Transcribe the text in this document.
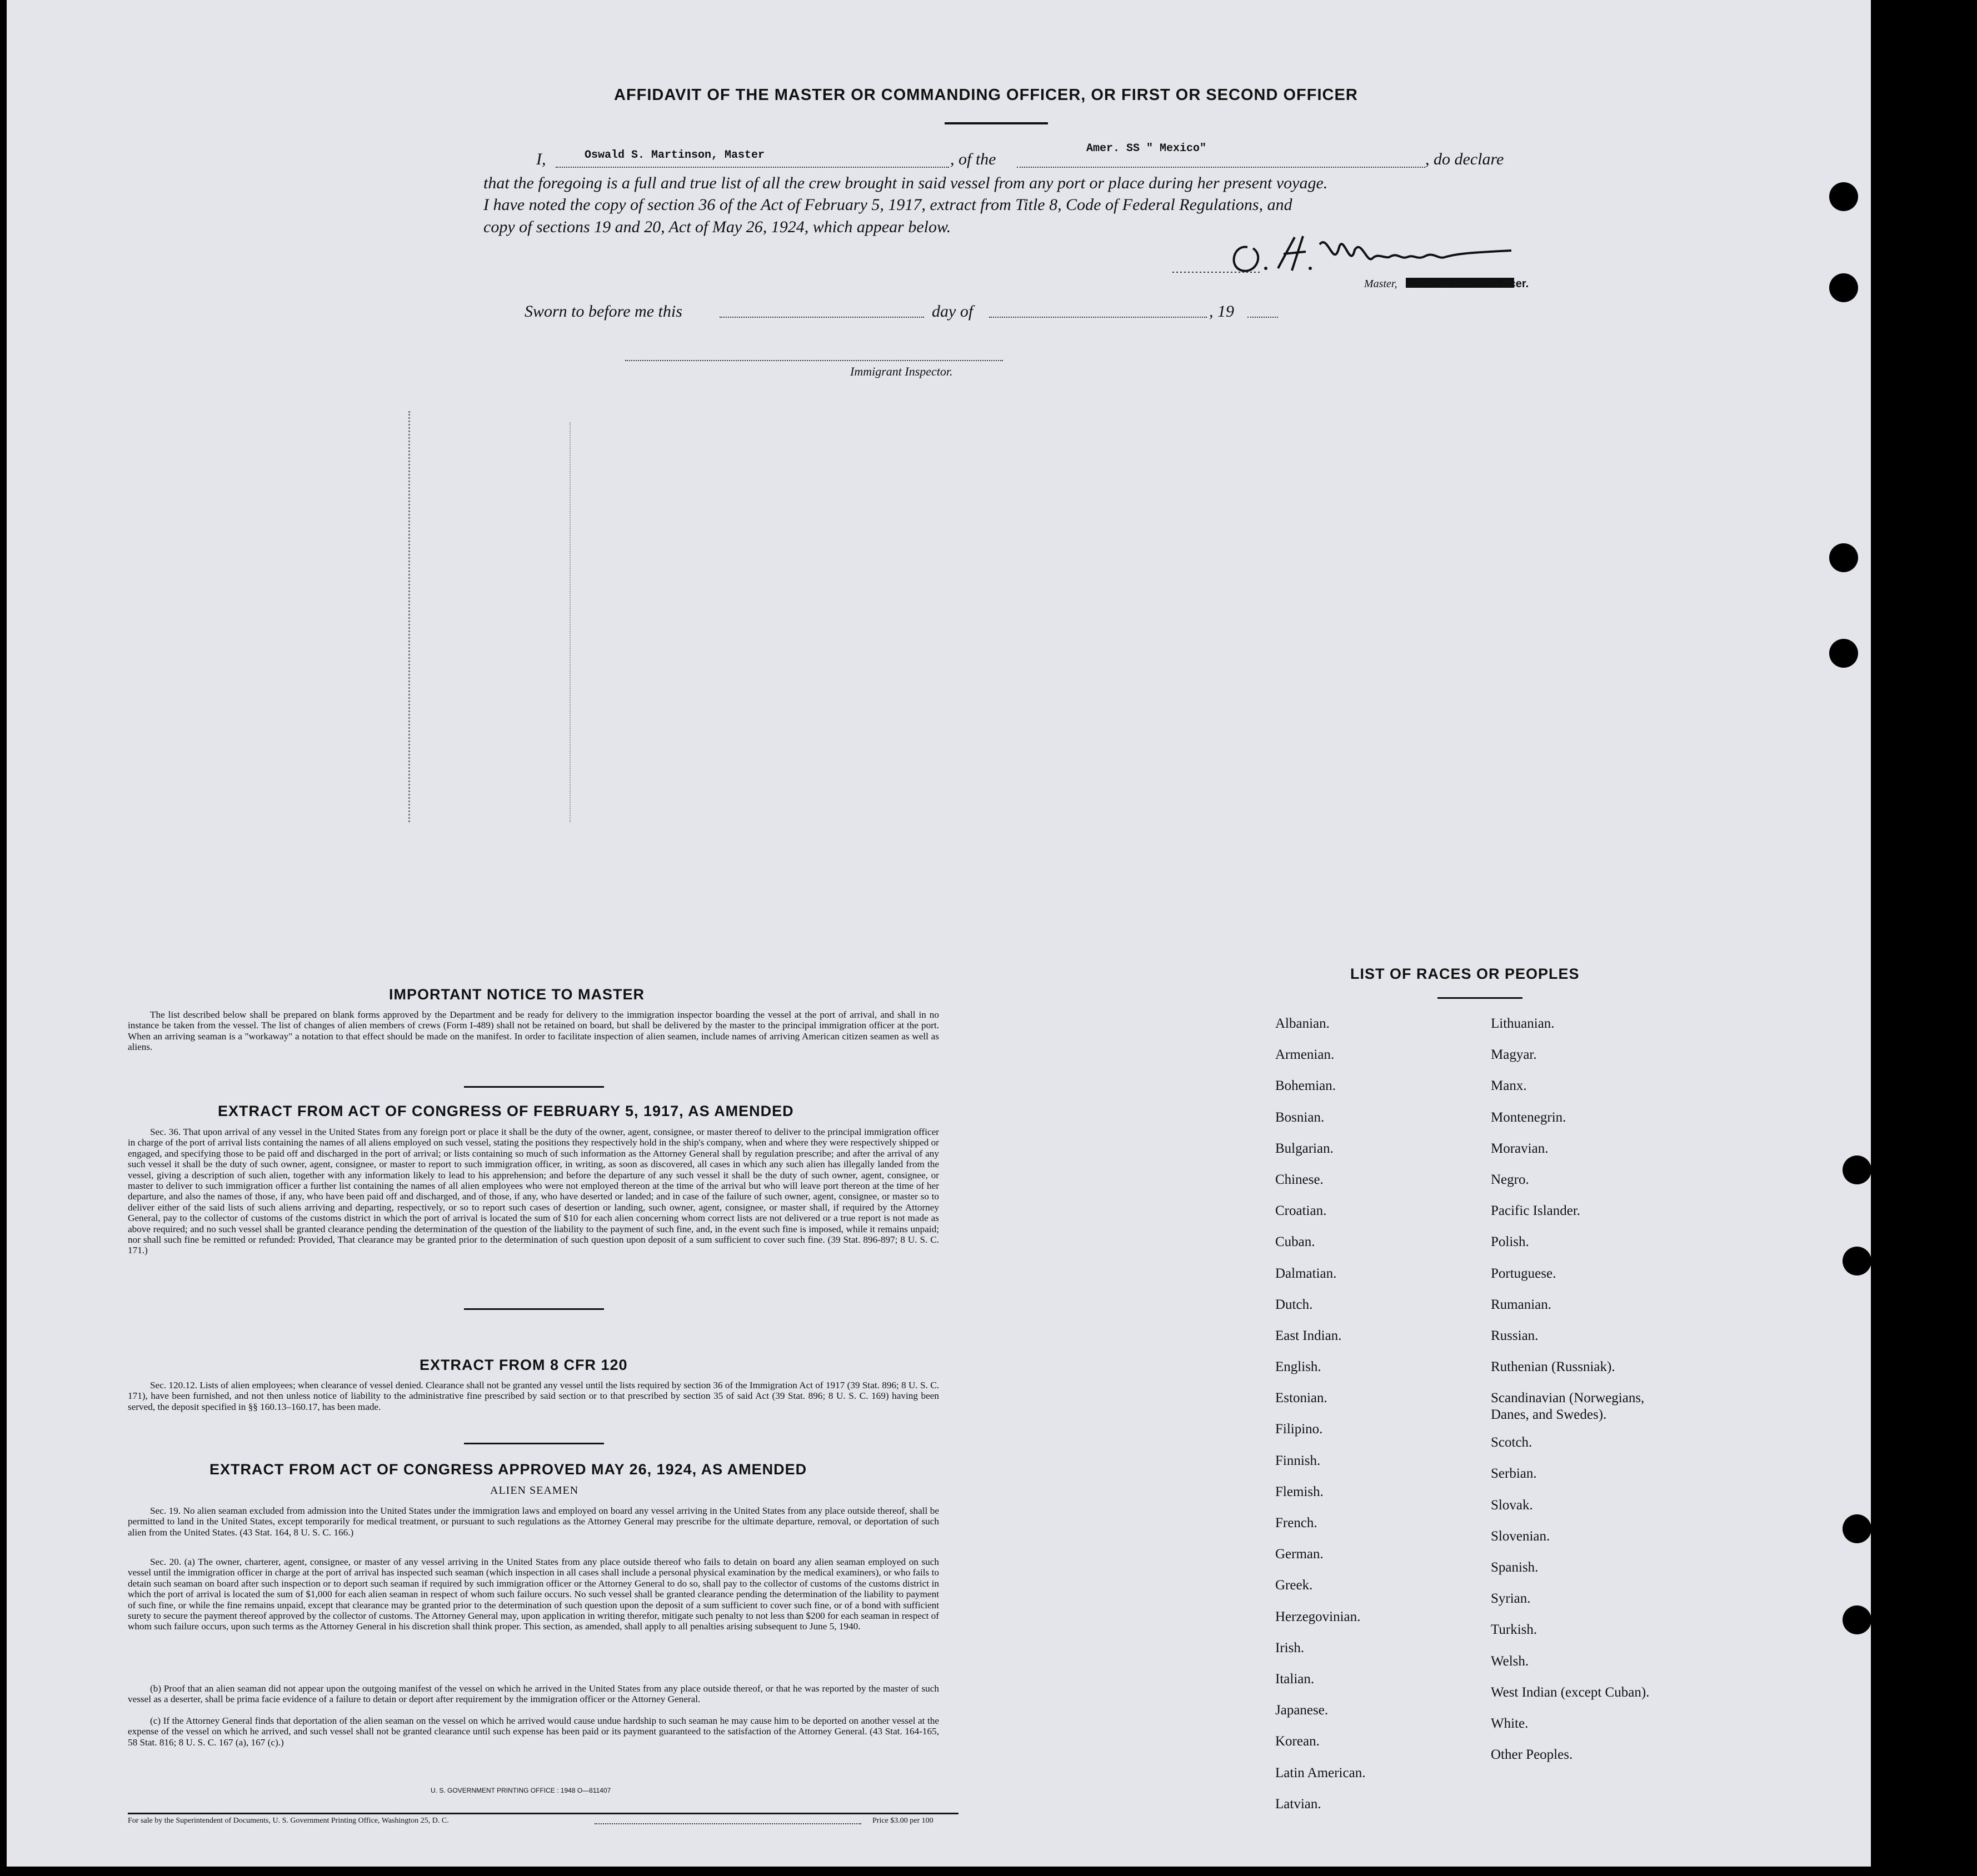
AFFIDAVIT OF THE MASTER OR COMMANDING OFFICER, OR FIRST OR SECOND OFFICER
I,	Oswald S. Martinson, Master	, of the
Amer. SS " Mexico"
, do declare
that the foregoing is a full and true list of all the crew brought in said vessel from any port or place during her present voyage.
I have noted the copy of section 36 of the Act of February 5, 1917, extract from Title 8, Code of Federal Regulations, and
copy of sections 19 and 20, Act of May 26, 1924, which appear below.
Master, First or Second Officer.
Sworn to before me this	day of	, 19
Immigrant Inspector.
IMPORTANT NOTICE TO MASTER
The list described below shall be prepared on blank forms approved by the Department and be ready for delivery to the immigration inspector boarding the vessel at the port of arrival, and shall in no instance be taken from the vessel. The list of changes of alien members of crews (Form I-489) shall not be retained on board, but shall be delivered by the master to the principal immigration officer at the port. When an arriving seaman is a "workaway" a notation to that effect should be made on the manifest. In order to facilitate inspection of alien seamen, include names of arriving American citizen seamen as well as aliens.
EXTRACT FROM ACT OF CONGRESS OF FEBRUARY 5, 1917, AS AMENDED
Sec. 36. That upon arrival of any vessel in the United States from any foreign port or place it shall be the duty of the owner, agent, consignee, or master thereof to deliver to the principal immigration officer in charge of the port of arrival lists containing the names of all aliens employed on such vessel, stating the positions they respectively hold in the ship's company, when and where they were respectively shipped or engaged, and specifying those to be paid off and discharged in the port of arrival; or lists containing so much of such information as the Attorney General shall by regulation prescribe; and after the arrival of any such vessel it shall be the duty of such owner, agent, consignee, or master to report to such immigration officer, in writing, as soon as discovered, all cases in which any such alien has illegally landed from the vessel, giving a description of such alien, together with any information likely to lead to his apprehension; and before the departure of any such vessel it shall be the duty of such owner, agent, consignee, or master to deliver to such immigration officer a further list containing the names of all alien employees who were not employed thereon at the time of the arrival but who will leave port thereon at the time of her departure, and also the names of those, if any, who have been paid off and discharged, and of those, if any, who have deserted or landed; and in case of the failure of such owner, agent, consignee, or master so to deliver either of the said lists of such aliens arriving and departing, respectively, or so to report such cases of desertion or landing, such owner, agent, consignee, or master shall, if required by the Attorney General, pay to the collector of customs of the customs district in which the port of arrival is located the sum of $10 for each alien concerning whom correct lists are not delivered or a true report is not made as above required; and no such vessel shall be granted clearance pending the determination of the question of the liability to the payment of such fine, and, in the event such fine is imposed, while it remains unpaid; nor shall such fine be remitted or refunded: Provided, That clearance may be granted prior to the determination of such question upon deposit of a sum sufficient to cover such fine. (39 Stat. 896-897; 8 U. S. C. 171.)
EXTRACT FROM 8 CFR 120
Sec. 120.12. Lists of alien employees; when clearance of vessel denied. Clearance shall not be granted any vessel until the lists required by section 36 of the Immigration Act of 1917 (39 Stat. 896; 8 U. S. C. 171), have been furnished, and not then unless notice of liability to the administrative fine prescribed by said section or to that prescribed by section 35 of said Act (39 Stat. 896; 8 U. S. C. 169) having been served, the deposit specified in §§ 160.13–160.17, has been made.
EXTRACT FROM ACT OF CONGRESS APPROVED MAY 26, 1924, AS AMENDED
ALIEN SEAMEN
Sec. 19. No alien seaman excluded from admission into the United States under the immigration laws and employed on board any vessel arriving in the United States from any place outside thereof, shall be permitted to land in the United States, except temporarily for medical treatment, or pursuant to such regulations as the Attorney General may prescribe for the ultimate departure, removal, or deportation of such alien from the United States. (43 Stat. 164, 8 U. S. C. 166.)
Sec. 20. (a) The owner, charterer, agent, consignee, or master of any vessel arriving in the United States from any place outside thereof who fails to detain on board any alien seaman employed on such vessel until the immigration officer in charge at the port of arrival has inspected such seaman (which inspection in all cases shall include a personal physical examination by the medical examiners), or who fails to detain such seaman on board after such inspection or to deport such seaman if required by such immigration officer or the Attorney General to do so, shall pay to the collector of customs of the customs district in which the port of arrival is located the sum of $1,000 for each alien seaman in respect of whom such failure occurs. No such vessel shall be granted clearance pending the determination of the liability to payment of such fine, or while the fine remains unpaid, except that clearance may be granted prior to the determination of such question upon the deposit of a sum sufficient to cover such fine, or of a bond with sufficient surety to secure the payment thereof approved by the collector of customs. The Attorney General may, upon application in writing therefor, mitigate such penalty to not less than $200 for each seaman in respect of whom such failure occurs, upon such terms as the Attorney General in his discretion shall think proper. This section, as amended, shall apply to all penalties arising subsequent to June 5, 1940.
(b) Proof that an alien seaman did not appear upon the outgoing manifest of the vessel on which he arrived in the United States from any place outside thereof, or that he was reported by the master of such vessel as a deserter, shall be prima facie evidence of a failure to detain or deport after requirement by the immigration officer or the Attorney General.
(c) If the Attorney General finds that deportation of the alien seaman on the vessel on which he arrived would cause undue hardship to such seaman he may cause him to be deported on another vessel at the expense of the vessel on which he arrived, and such vessel shall not be granted clearance until such expense has been paid or its payment guaranteed to the satisfaction of the Attorney General. (43 Stat. 164-165, 58 Stat. 816; 8 U. S. C. 167 (a), 167 (c).)
U. S. GOVERNMENT PRINTING OFFICE : 1948 O—811407
For sale by the Superintendent of Documents, U. S. Government Printing Office, Washington 25, D. C.	Price $3.00 per 100
LIST OF RACES OR PEOPLES
Albanian.
Armenian.
Bohemian.
Bosnian.
Bulgarian.
Chinese.
Croatian.
Cuban.
Dalmatian.
Dutch.
East Indian.
English.
Estonian.
Filipino.
Finnish.
Flemish.
French.
German.
Greek.
Herzegovinian.
Irish.
Italian.
Japanese.
Korean.
Latin American.
Latvian.
Lithuanian.
Magyar.
Manx.
Montenegrin.
Moravian.
Negro.
Pacific Islander.
Polish.
Portuguese.
Rumanian.
Russian.
Ruthenian (Russniak).
Scandinavian (Norwegians,
Danes, and Swedes).
Scotch.
Serbian.
Slovak.
Slovenian.
Spanish.
Syrian.
Turkish.
Welsh.
West Indian (except Cuban).
White.
Other Peoples.
